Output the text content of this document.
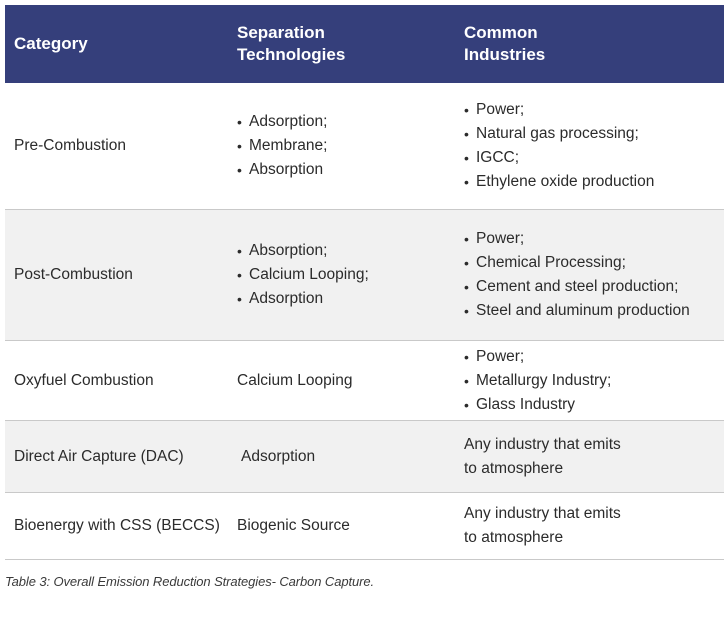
Category
Separation
Technologies
Common
Industries
Pre-Combustion
• Adsorption;
• Membrane;
• Absorption
• Power;
• Natural gas processing;
• IGCC;
• Ethylene oxide production
Post-Combustion
• Absorption;
• Calcium Looping;
• Adsorption
• Power;
• Chemical Processing;
• Cement and steel production;
• Steel and aluminum production
Oxyfuel Combustion	Calcium Looping
• Power;
• Metallurgy Industry;
• Glass Industry
Direct Air Capture (DAC)	Adsorption
Any industry that emits
to atmosphere
Bioenergy with CSS (BECCS) Biogenic Source
Any industry that emits
to atmosphere
Table 3: Overall Emission Reduction Strategies- Carbon Capture.
